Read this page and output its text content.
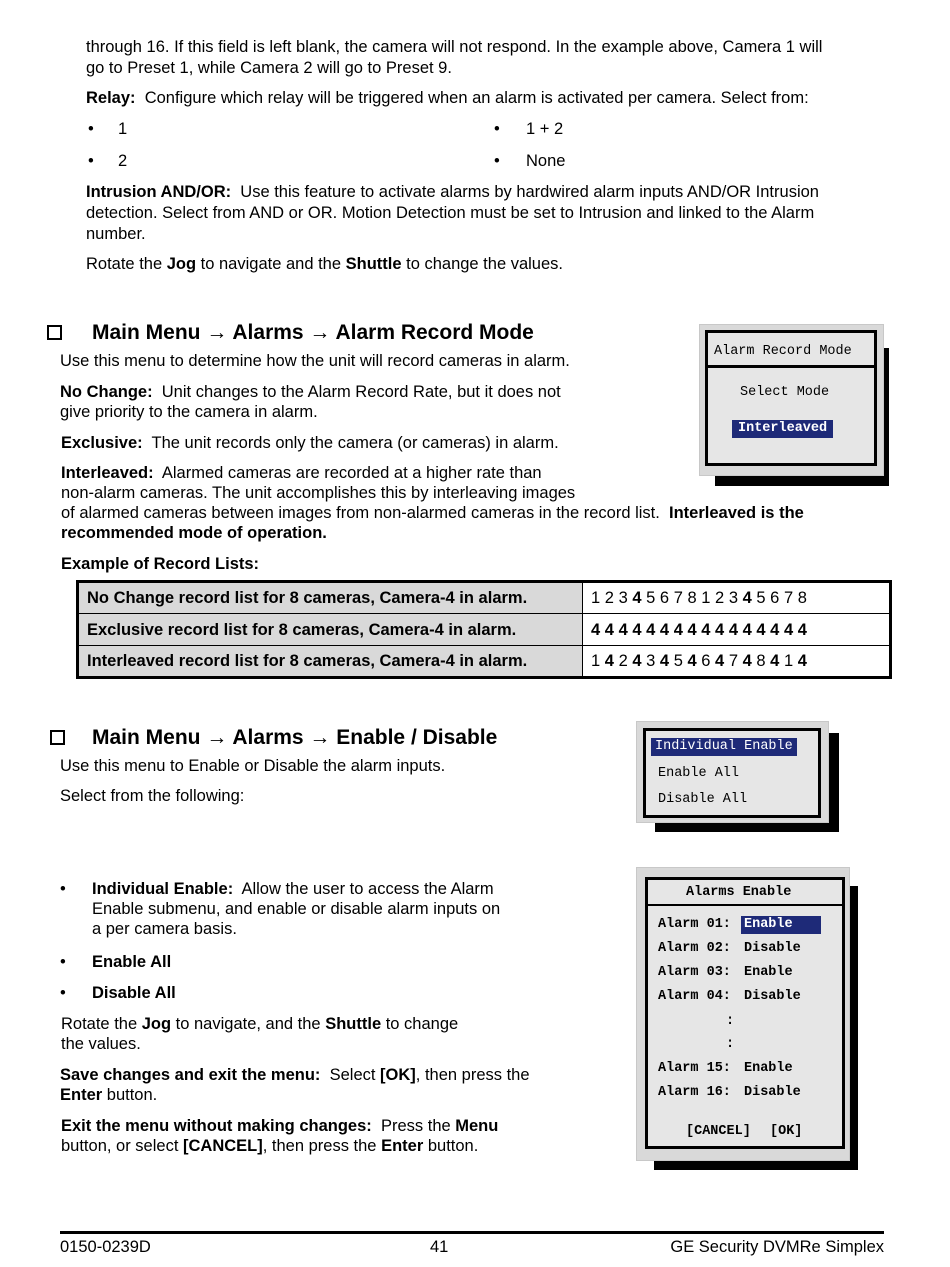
through 16. If this field is left blank, the camera will not respond. In the example above, Camera 1 will
go to Preset 1, while Camera 2 will go to Preset 9.
Relay: Configure which relay will be triggered when an alarm is activated per camera. Select from:
• 1	• 1 + 2
• 2	• None
Intrusion AND/OR: Use this feature to activate alarms by hardwired alarm inputs AND/OR Intrusion
detection. Select from AND or OR. Motion Detection must be set to Intrusion and linked to the Alarm
number.
Rotate the Jog to navigate and the Shuttle to change the values.
Main Menu → Alarms → Alarm Record Mode
Use this menu to determine how the unit will record cameras in alarm.
No Change: Unit changes to the Alarm Record Rate, but it does not
give priority to the camera in alarm.
Exclusive: The unit records only the camera (or cameras) in alarm.
Interleaved: Alarmed cameras are recorded at a higher rate than
non-alarm cameras. The unit accomplishes this by interleaving images
of alarmed cameras between images from non-alarmed cameras in the record list. Interleaved is the
recommended mode of operation.
Example of Record Lists:
Alarm Record Mode
Select Mode
Interleaved
No Change record list for 8 cameras, Camera-4 in alarm.	1 2 3 4 5 6 7 8 1 2 3 4 5 6 7 8
Exclusive record list for 8 cameras, Camera-4 in alarm.	4 4 4 4 4 4 4 4 4 4 4 4 4 4 4 4
Interleaved record list for 8 cameras, Camera-4 in alarm.	1 4 2 4 3 4 5 4 6 4 7 4 8 4 1 4
Main Menu → Alarms → Enable / Disable
Use this menu to Enable or Disable the alarm inputs.
Select from the following:
Individual Enable
Enable All
Disable All
• Individual Enable: Allow the user to access the Alarm
Enable submenu, and enable or disable alarm inputs on
a per camera basis.
• Enable All
• Disable All
Rotate the Jog to navigate, and the Shuttle to change
the values.
Save changes and exit the menu: Select [OK], then press the
Enter button.
Exit the menu without making changes: Press the Menu
button, or select [CANCEL], then press the Enter button.
Alarms Enable
Alarm 01: Enable
Alarm 02: Disable
Alarm 03: Enable
Alarm 04: Disable
:
:
Alarm 15: Enable
Alarm 16: Disable
[CANCEL] [OK]
0150-0239D	41	GE Security DVMRe Simplex
